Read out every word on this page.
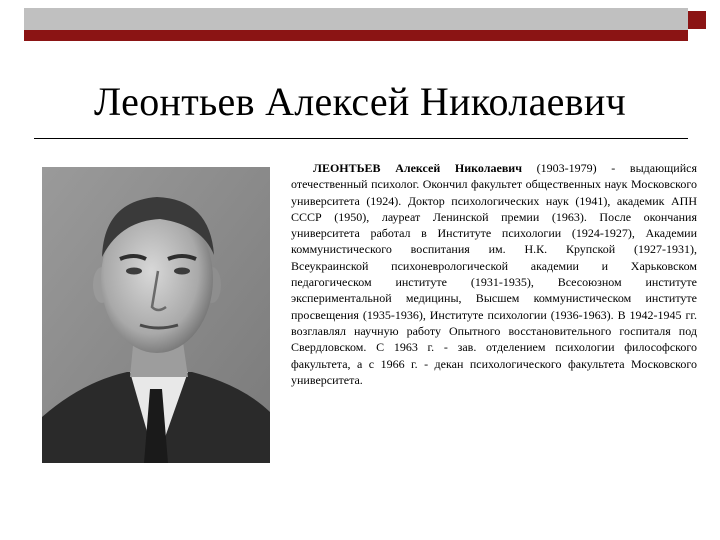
Леонтьев Алексей Николаевич

ЛЕОНТЬЕВ Алексей Николаевич (1903-1979) - выдающийся отечественный психолог. Окончил факультет общественных наук Московского университета (1924). Доктор психологических наук (1941), академик АПН СССР (1950), лауреат Ленинской премии (1963). После окончания университета работал в Институте психологии (1924-1927), Академии коммунистического воспитания им. Н.К. Крупской (1927-1931), Всеукраинской психоневрологической академии и Харьковском педагогическом институте (1931-1935), Всесоюзном институте экспериментальной медицины, Высшем коммунистическом институте просвещения (1935-1936), Институте психологии (1936-1963). В 1942-1945 гг. возглавлял научную работу Опытного восстановительного госпиталя под Свердловском. С 1963 г. - зав. отделением психологии философского факультета, а с 1966 г. - декан психологического факультета Московского университета.
